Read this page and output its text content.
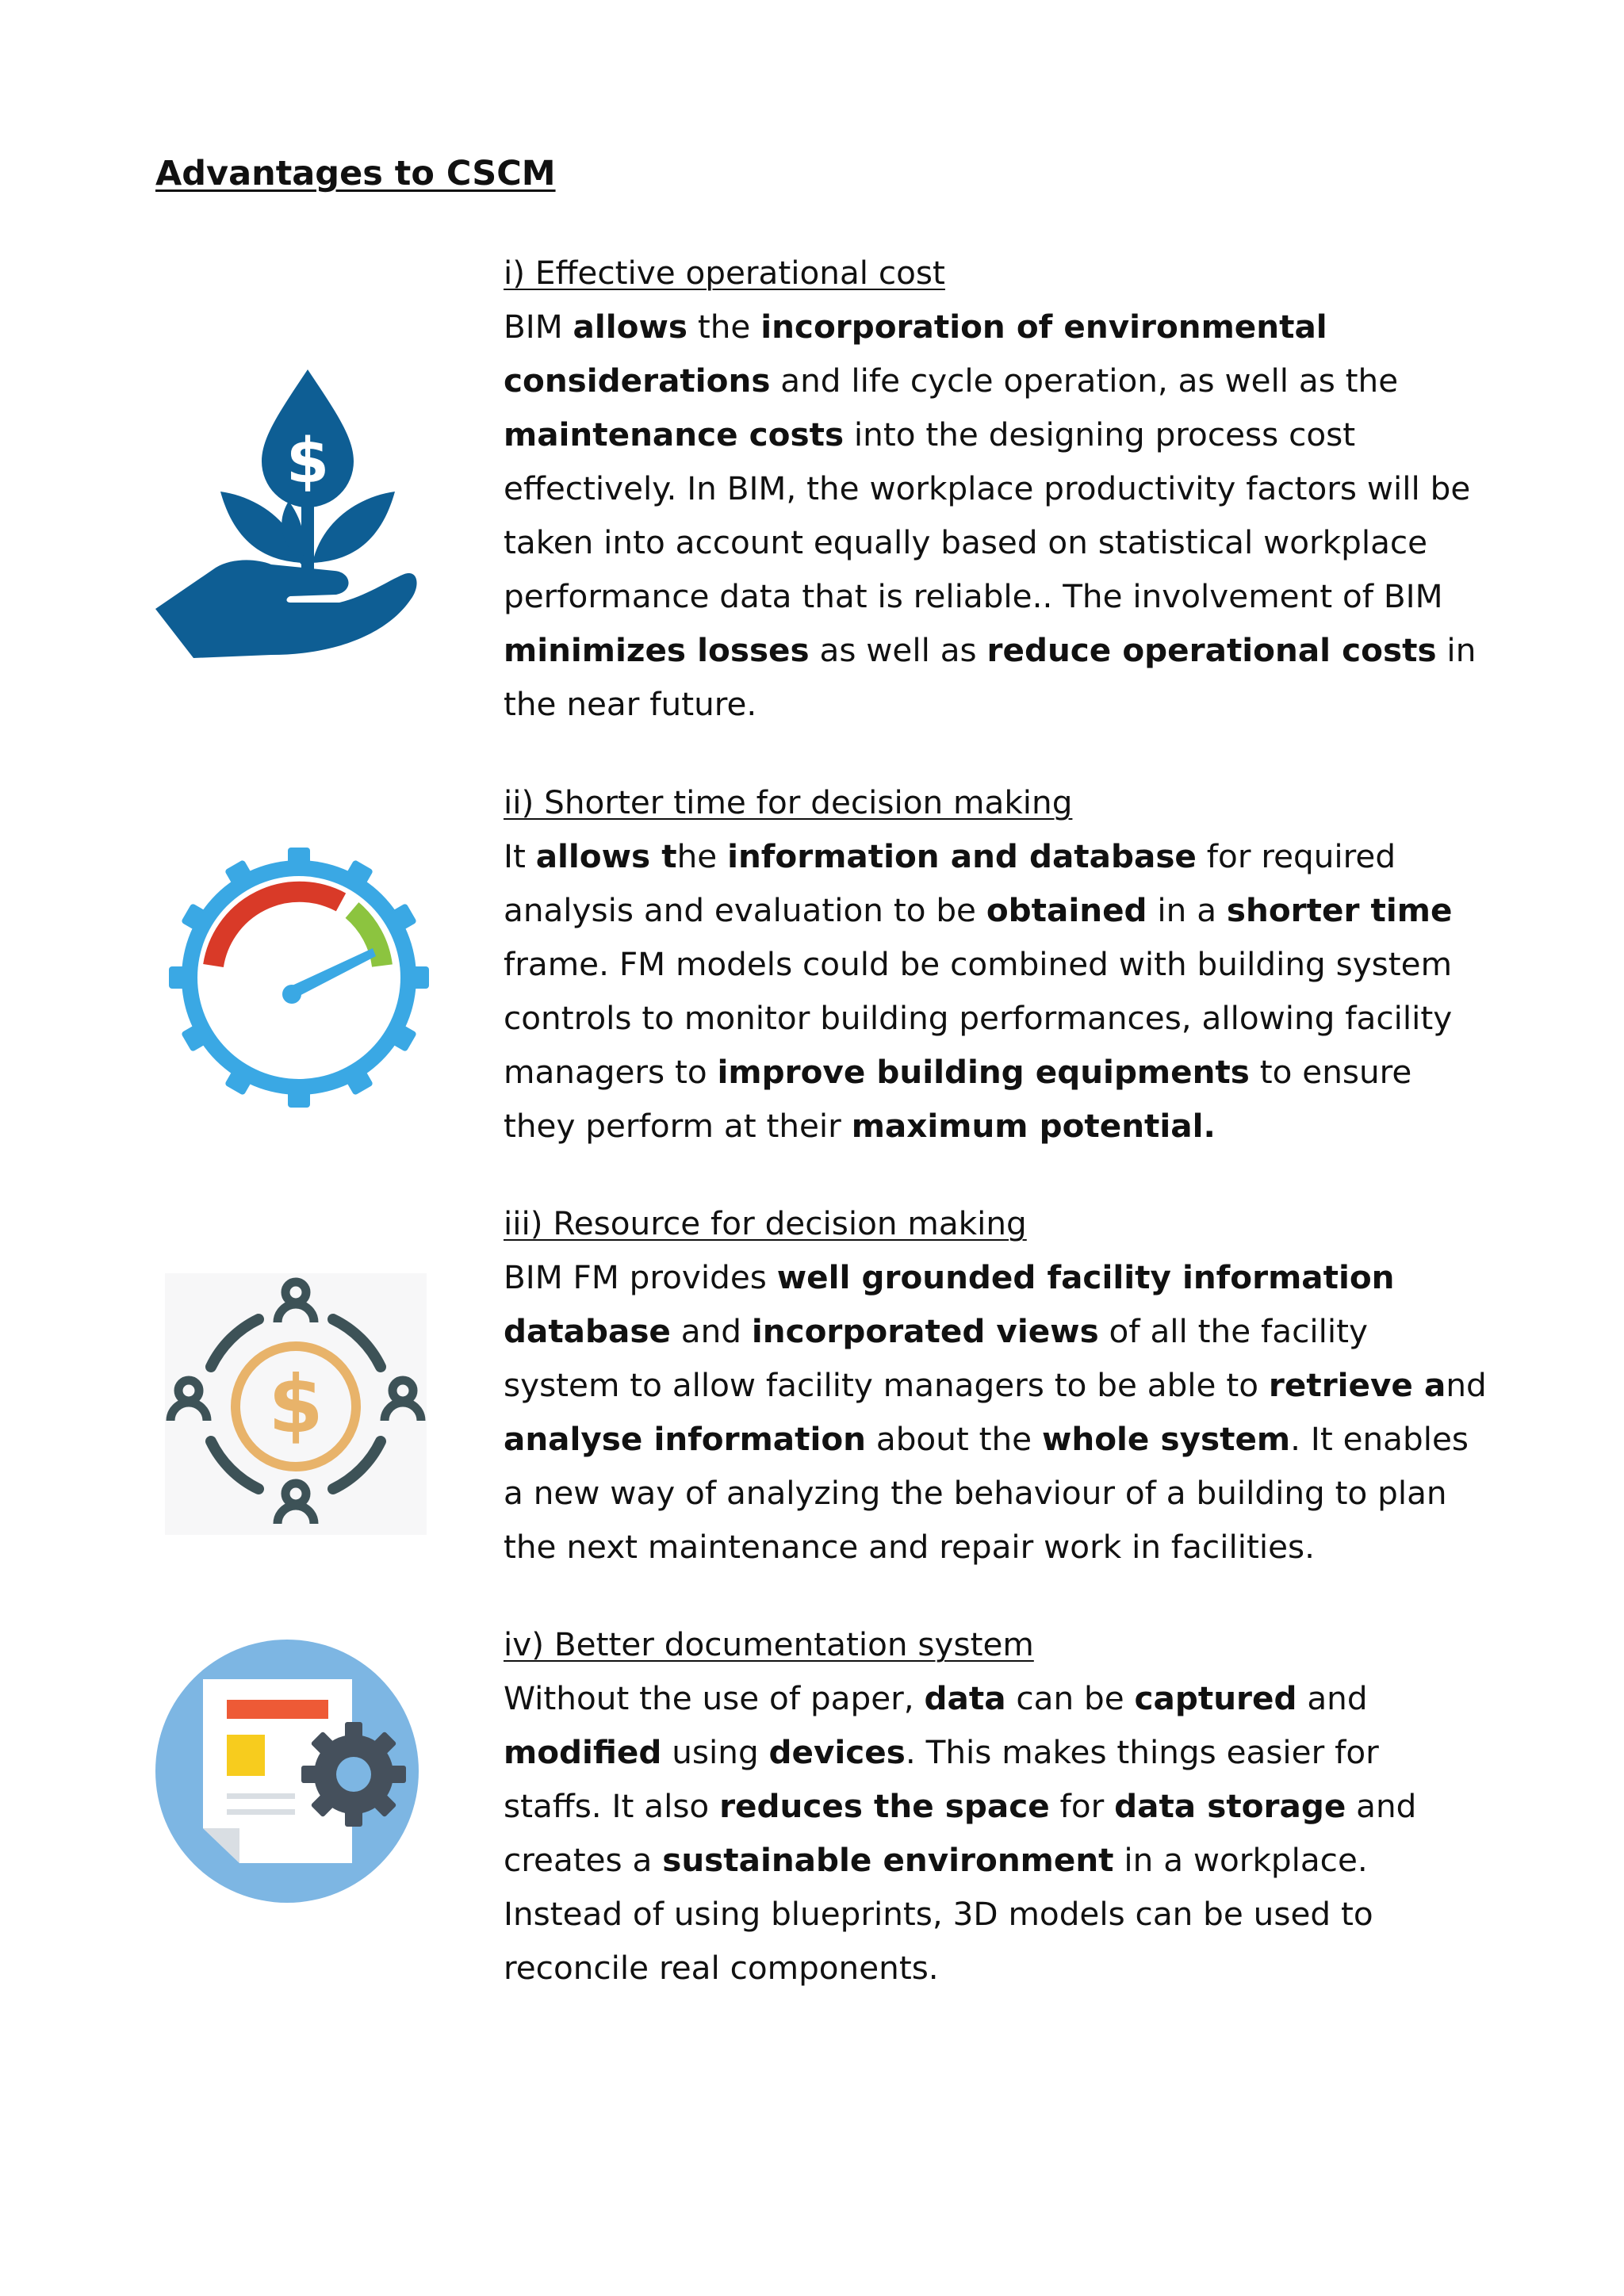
Advantages to CSCM
$
i) Effective operational cost

BIM allows the incorporation of environmental considerations and life cycle operation, as well as the maintenance costs into the designing process cost effectively. In BIM, the workplace productivity factors will be taken into account equally based on statistical workplace performance data that is reliable.. The involvement of BIM minimizes losses as well as reduce operational costs in the near future.

ii) Shorter time for decision making

It allows the information and database for required analysis and evaluation to be obtained in a shorter time frame. FM models could be combined with building system controls to monitor building performances, allowing facility managers to improve building equipments to ensure they perform at their maximum potential.

$
iii) Resource for decision making

BIM FM provides well grounded facility information database and incorporated views of all the facility system to allow facility managers to be able to retrieve and analyse information about the whole system. It enables a new way of analyzing the behaviour of a building to plan the next maintenance and repair work in facilities.

iv) Better documentation system

Without the use of paper, data can be captured and modified using devices. This makes things easier for staffs. It also reduces the space for data storage and creates a sustainable environment in a workplace. Instead of using blueprints, 3D models can be used to reconcile real components.
